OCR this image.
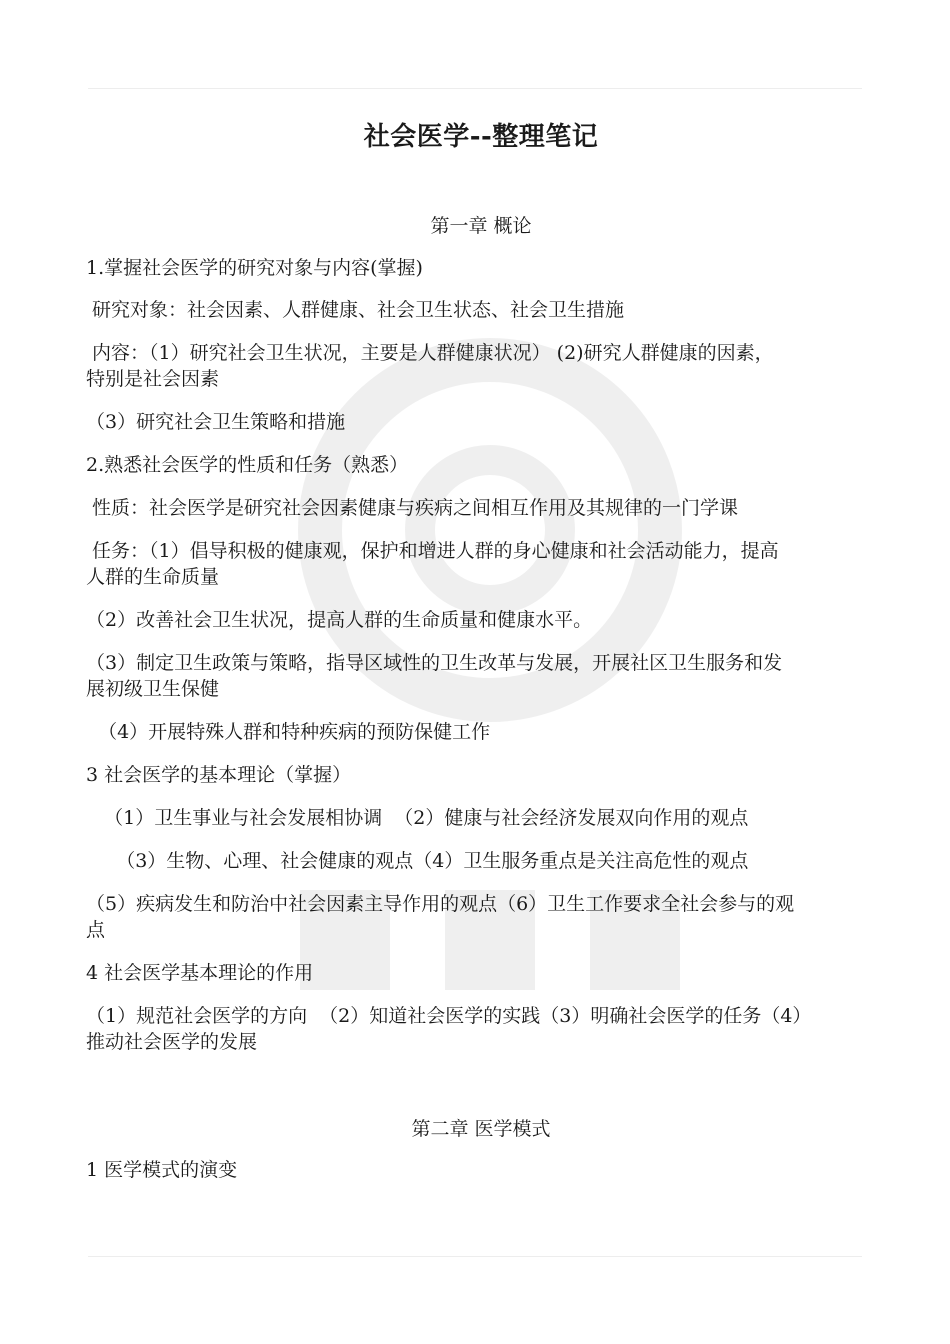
社会医学--整理笔记
第一章 概论
1.掌握社会医学的研究对象与内容(掌握)
研究对象：社会因素、人群健康、社会卫生状态、社会卫生措施
内容：（1）研究社会卫生状况，主要是人群健康状况） (2)研究人群健康的因素，
特别是社会因素
（3）研究社会卫生策略和措施
2.熟悉社会医学的性质和任务（熟悉）
性质：社会医学是研究社会因素健康与疾病之间相互作用及其规律的一门学课
任务：（1）倡导积极的健康观，保护和增进人群的身心健康和社会活动能力，提高
人群的生命质量
（2）改善社会卫生状况，提高人群的生命质量和健康水平。
（3）制定卫生政策与策略，指导区域性的卫生改革与发展，开展社区卫生服务和发
展初级卫生保健
（4）开展特殊人群和特种疾病的预防保健工作
3 社会医学的基本理论（掌握）
（1）卫生事业与社会发展相协调  （2）健康与社会经济发展双向作用的观点
（3）生物、心理、社会健康的观点（4）卫生服务重点是关注高危性的观点
（5）疾病发生和防治中社会因素主导作用的观点（6）卫生工作要求全社会参与的观
点
4 社会医学基本理论的作用
（1）规范社会医学的方向  （2）知道社会医学的实践（3）明确社会医学的任务（4）
推动社会医学的发展
第二章 医学模式
1 医学模式的演变
